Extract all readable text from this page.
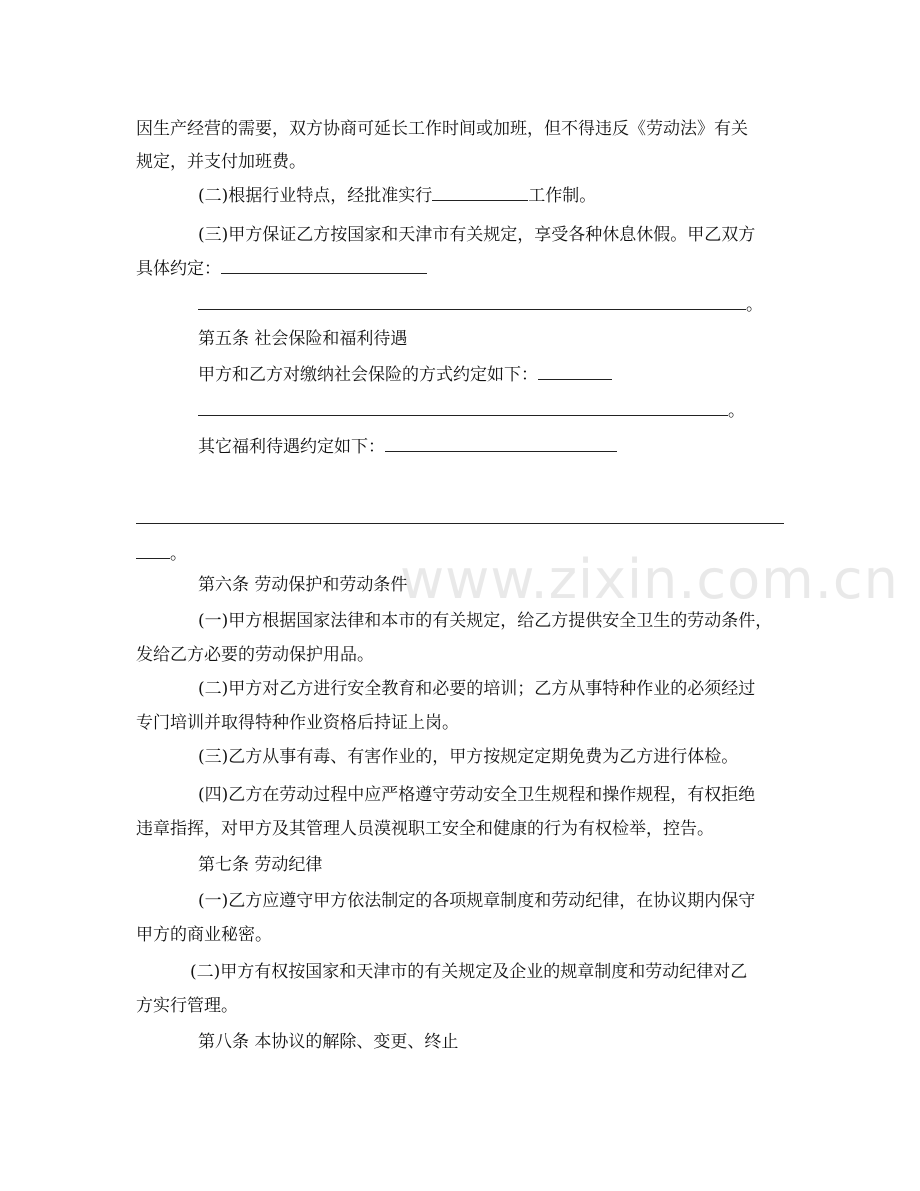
www.zixin.com.cn

因生产经营的需要，双方协商可延长工作时间或加班，但不得违反《劳动法》有关

规定，并支付加班费。

(二)根据行业特点，经批准实行	工作制。

(三)甲方保证乙方按国家和天津市有关规定，享受各种休息休假。甲乙双方

具体约定：

。

第五条 社会保险和福利待遇

甲方和乙方对缴纳社会保险的方式约定如下：

。

其它福利待遇约定如下：

。

第六条 劳动保护和劳动条件

(一)甲方根据国家法律和本市的有关规定，给乙方提供安全卫生的劳动条件，

发给乙方必要的劳动保护用品。

(二)甲方对乙方进行安全教育和必要的培训；乙方从事特种作业的必须经过

专门培训并取得特种作业资格后持证上岗。

(三)乙方从事有毒、有害作业的，甲方按规定定期免费为乙方进行体检。

(四)乙方在劳动过程中应严格遵守劳动安全卫生规程和操作规程，有权拒绝

违章指挥，对甲方及其管理人员漠视职工安全和健康的行为有权检举，控告。

第七条 劳动纪律

(一)乙方应遵守甲方依法制定的各项规章制度和劳动纪律，在协议期内保守

甲方的商业秘密。

(二)甲方有权按国家和天津市的有关规定及企业的规章制度和劳动纪律对乙

方实行管理。

第八条 本协议的解除、变更、终止
